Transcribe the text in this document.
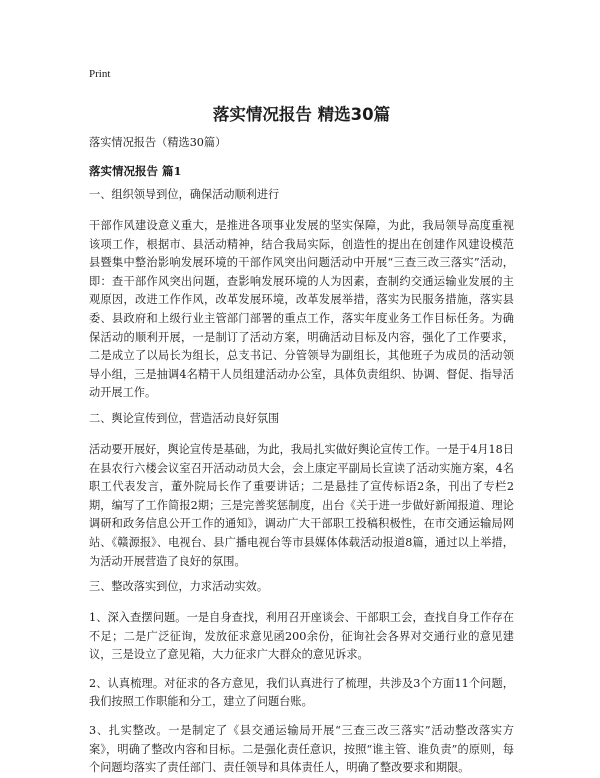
Print
落实情况报告 精选30篇
落实情况报告（精选30篇）
落实情况报告 篇1
一、组织领导到位，确保活动顺利进行

干部作风建设意义重大，是推进各项事业发展的坚实保障，为此，我局领导高度重视该项工作，根据市、县活动精神，结合我局实际，创造性的提出在创建作风建设模范县暨集中整治影响发展环境的干部作风突出问题活动中开展“三查三改三落实”活动，即：查干部作风突出问题，查影响发展环境的人为因素，查制约交通运输业发展的主观原因，改进工作作风，改革发展环境，改革发展举措，落实为民服务措施，落实县委、县政府和上级行业主管部门部署的重点工作，落实年度业务工作目标任务。为确保活动的顺利开展，一是制订了活动方案，明确活动目标及内容，强化了工作要求，二是成立了以局长为组长，总支书记、分管领导为副组长，其他班子为成员的活动领导小组，三是抽调4名精干人员组建活动办公室，具体负责组织、协调、督促、指导活动开展工作。

二、舆论宣传到位，营造活动良好氛围

活动要开展好，舆论宣传是基础，为此，我局扎实做好舆论宣传工作。一是于4月18日在县农行六楼会议室召开活动动员大会，会上康定平副局长宣读了活动实施方案，4名职工代表发言，董外院局长作了重要讲话；二是悬挂了宣传标语2条，刊出了专栏2期，编写了工作简报2期；三是完善奖惩制度，出台《关于进一步做好新闻报道、理论调研和政务信息公开工作的通知》，调动广大干部职工投稿积极性，在市交通运输局网站、《赣源报》、电视台、县广播电视台等市县媒体体载活动报道8篇，通过以上举措，为活动开展营造了良好的氛围。

三、整改落实到位，力求活动实效。

1、深入查摆问题。一是自身查找，利用召开座谈会、干部职工会，查找自身工作存在不足；二是广泛征询，发放征求意见函200余份，征询社会各界对交通行业的意见建议，三是设立了意见箱，大力征求广大群众的意见诉求。

2、认真梳理。对征求的各方意见，我们认真进行了梳理，共涉及3个方面11个问题，我们按照工作职能和分工，建立了问题台账。

3、扎实整改。一是制定了《县交通运输局开展“三查三改三落实”活动整改落实方案》，明确了整改内容和目标。二是强化责任意识，按照“谁主管、谁负责”的原则，每个问题均落实了责任部门、责任领导和具体责任人，明确了整改要求和期限。
